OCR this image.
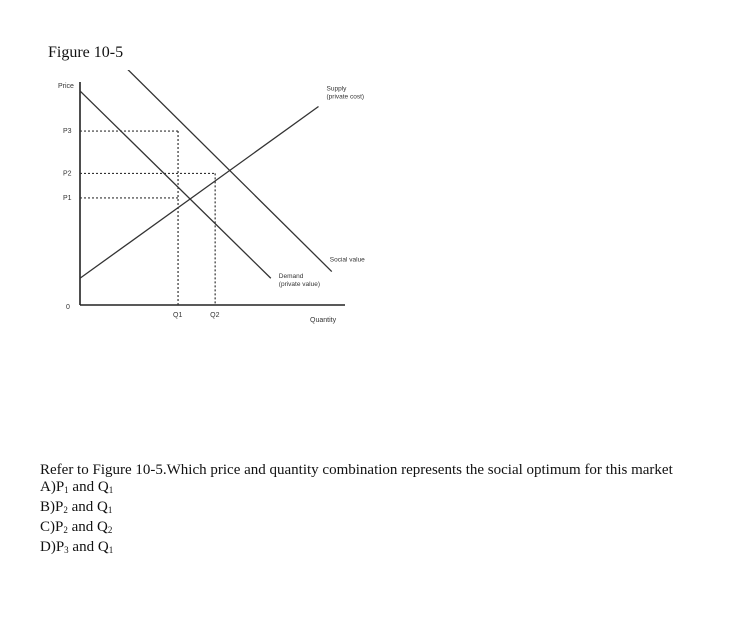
Figure 10-5
Price
Quantity
0
P3
P2
P1
Q1	Q2
Supply
(private cost)
Demand
(private value)
Social value
Refer to Figure 10-5.Which price and quantity combination represents the social optimum for this market
$A)P_1$ and $Q_1$
$B)P_2$ and $Q_1$
$C)P_2$ and $Q_2$
$D)P_3$ and $Q_1$
